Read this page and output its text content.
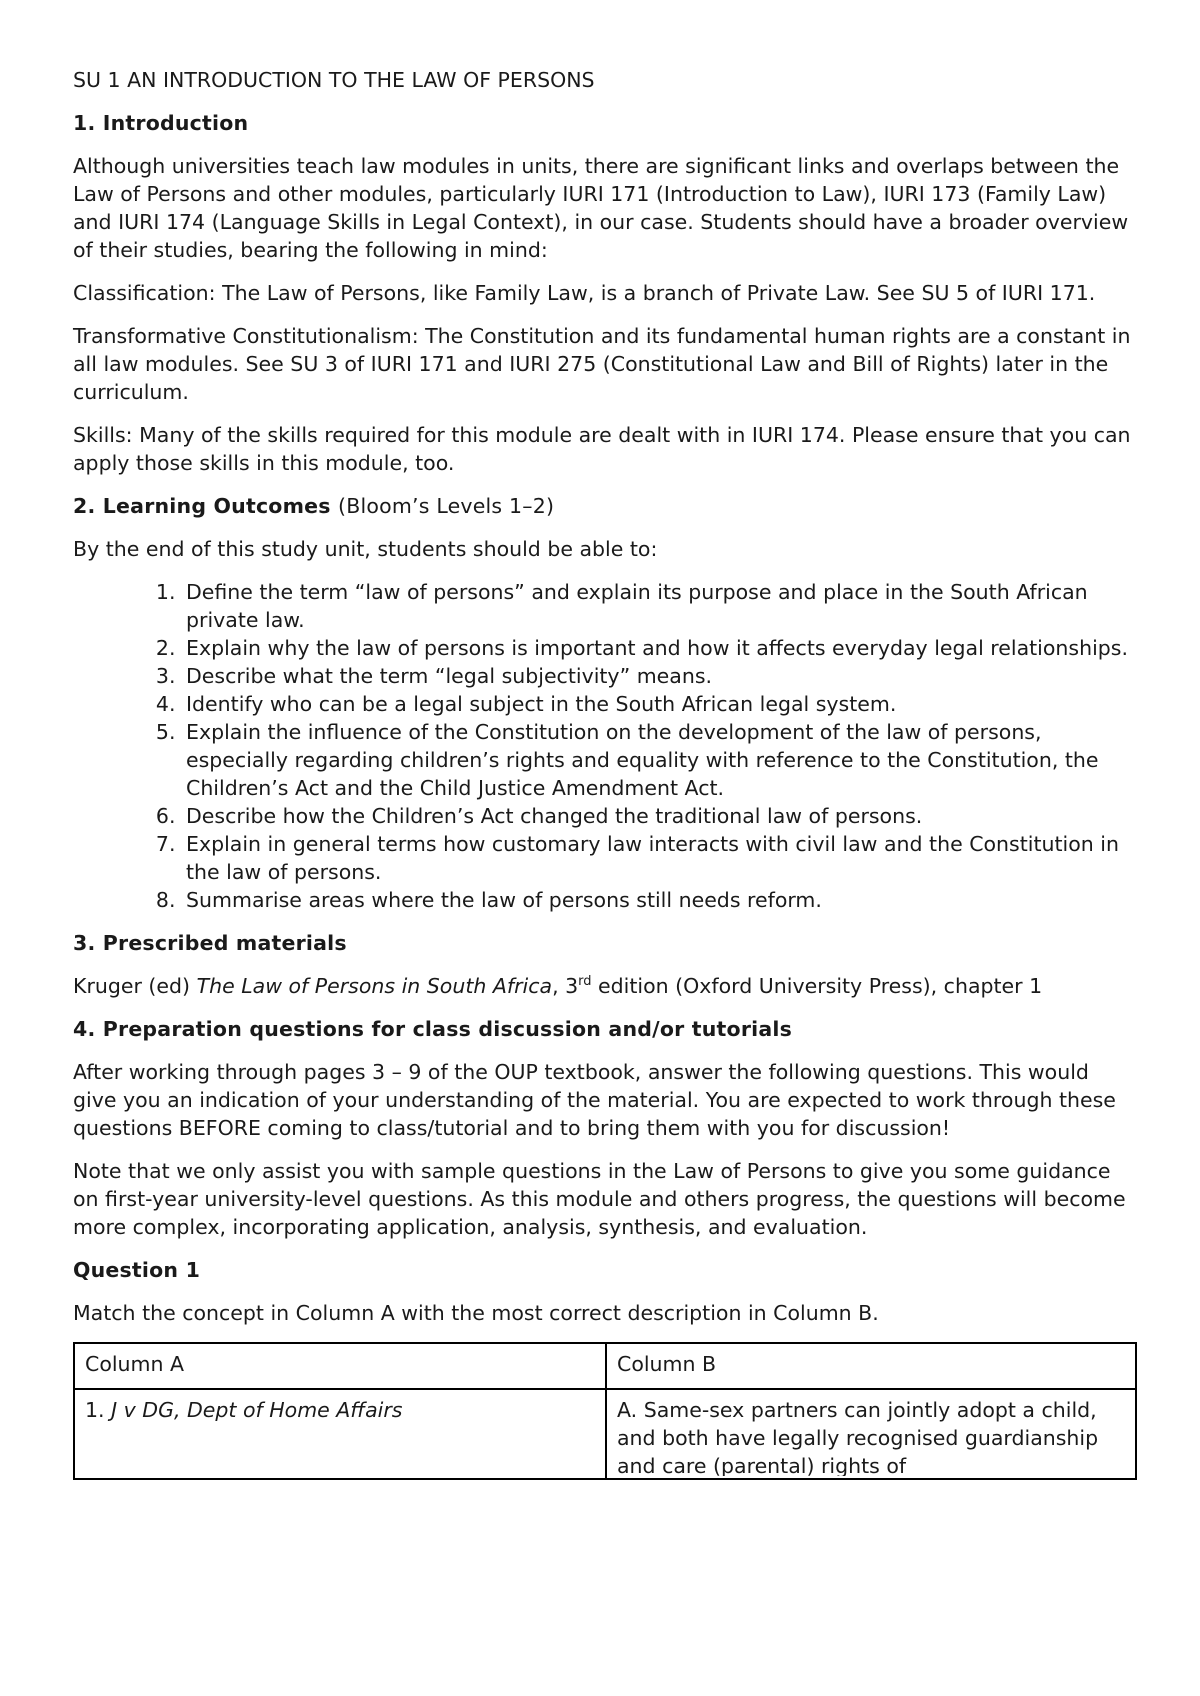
SU 1 AN INTRODUCTION TO THE LAW OF PERSONS

1. Introduction

Although universities teach law modules in units, there are significant links and overlaps between the Law of Persons and other modules, particularly IURI 171 (Introduction to Law), IURI 173 (Family Law) and IURI 174 (Language Skills in Legal Context), in our case. Students should have a broader overview of their studies, bearing the following in mind:

Classification: The Law of Persons, like Family Law, is a branch of Private Law. See SU 5 of IURI 171.

Transformative Constitutionalism: The Constitution and its fundamental human rights are a constant in all law modules. See SU 3 of IURI 171 and IURI 275 (Constitutional Law and Bill of Rights) later in the curriculum.

Skills: Many of the skills required for this module are dealt with in IURI 174. Please ensure that you can apply those skills in this module, too.

2. Learning Outcomes (Bloom’s Levels 1–2)

By the end of this study unit, students should be able to:

1. Define the term “law of persons” and explain its purpose and place in the South African private law.
2. Explain why the law of persons is important and how it affects everyday legal relationships.
3. Describe what the term “legal subjectivity” means.
4. Identify who can be a legal subject in the South African legal system.
5. Explain the influence of the Constitution on the development of the law of persons, especially regarding children’s rights and equality with reference to the Constitution, the Children’s Act and the Child Justice Amendment Act.
6. Describe how the Children’s Act changed the traditional law of persons.
7. Explain in general terms how customary law interacts with civil law and the Constitution in the law of persons.
8. Summarise areas where the law of persons still needs reform.

3. Prescribed materials

Kruger (ed) The Law of Persons in South Africa, 3rd edition (Oxford University Press), chapter 1

4. Preparation questions for class discussion and/or tutorials

After working through pages 3 – 9 of the OUP textbook, answer the following questions. This would give you an indication of your understanding of the material. You are expected to work through these questions BEFORE coming to class/tutorial and to bring them with you for discussion!

Note that we only assist you with sample questions in the Law of Persons to give you some guidance on first-year university-level questions. As this module and others progress, the questions will become more complex, incorporating application, analysis, synthesis, and evaluation.

Question 1

Match the concept in Column A with the most correct description in Column B.

Column A	Column B

1. J v DG, Dept of Home Affairs	A. Same-sex partners can jointly adopt a child, and both have legally recognised guardianship and care (parental) rights of
